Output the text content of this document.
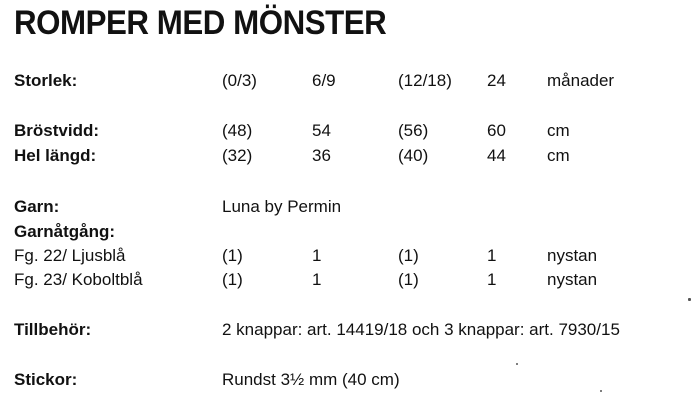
ROMPER MED MÖNSTER
Storlek:	(0/3)	6/9	(12/18) 24 månader
Bröstvidd:	(48)	54	(56)	60 cm
Hel längd:	(32)	36	(40)	44 cm
Garn:	Luna by Permin
Garnåtgång:
Fg. 22/ Ljusblå	(1)	1	(1)	1	nystan
Fg. 23/ Koboltblå	(1)	1	(1)	1	nystan
Tillbehör:	2 knappar: art. 14419/18 och 3 knappar: art. 7930/15
Stickor:	Rundst 3½ mm (40 cm)
